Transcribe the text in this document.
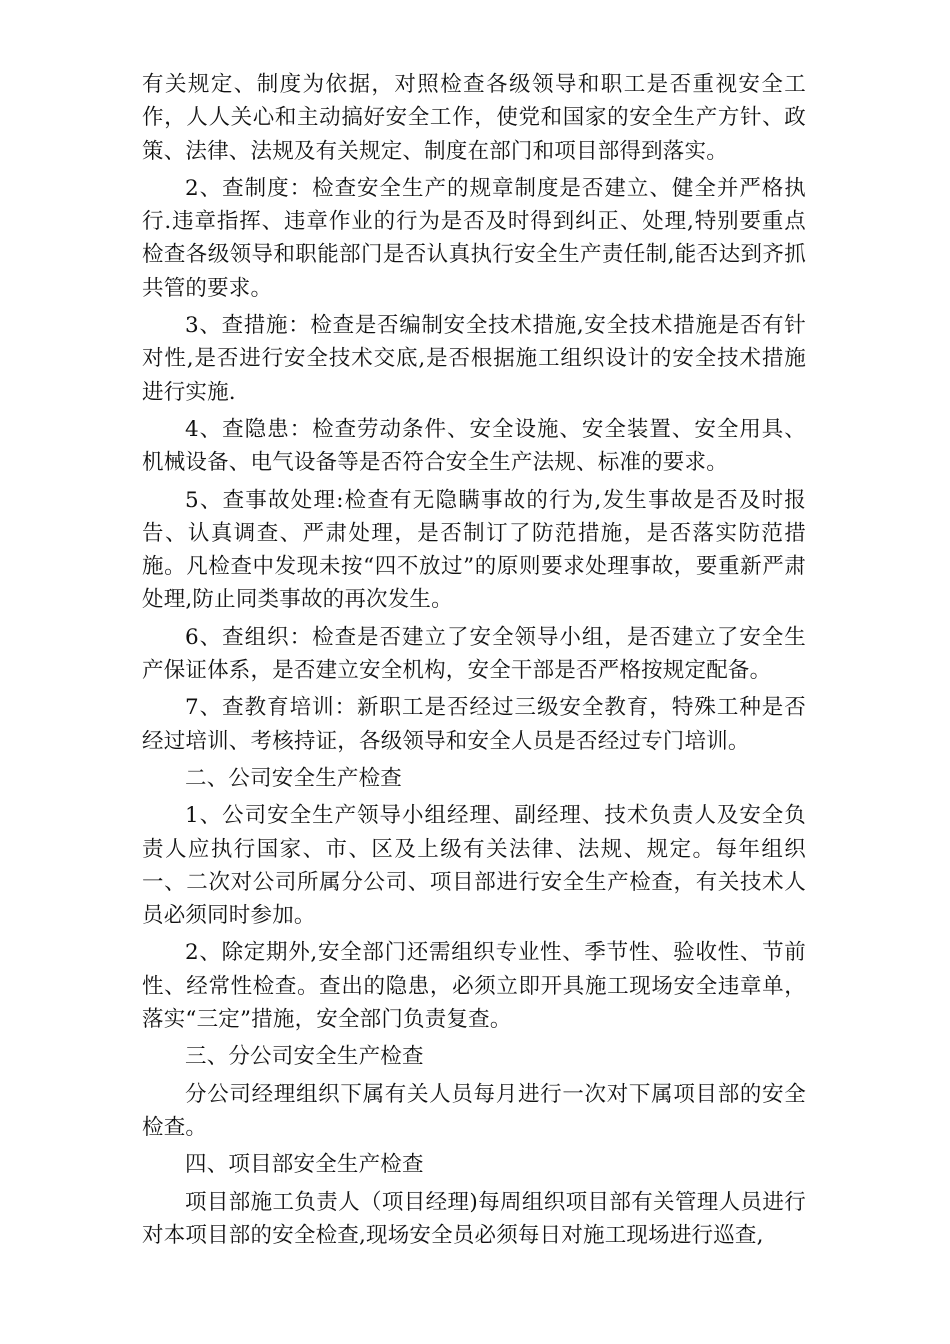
有关规定、制度为依据，对照检查各级领导和职工是否重视安全工作，人人关心和主动搞好安全工作，使党和国家的安全生产方针、政策、法律、法规及有关规定、制度在部门和项目部得到落实。

2、查制度：检查安全生产的规章制度是否建立、健全并严格执行.违章指挥、违章作业的行为是否及时得到纠正、处理,特别要重点检查各级领导和职能部门是否认真执行安全生产责任制,能否达到齐抓共管的要求。

3、查措施：检查是否编制安全技术措施,安全技术措施是否有针对性,是否进行安全技术交底,是否根据施工组织设计的安全技术措施进行实施.

4、查隐患：检查劳动条件、安全设施、安全装置、安全用具、机械设备、电气设备等是否符合安全生产法规、标准的要求。

5、查事故处理:检查有无隐瞒事故的行为,发生事故是否及时报告、认真调查、严肃处理，是否制订了防范措施，是否落实防范措施。凡检查中发现未按“四不放过”的原则要求处理事故，要重新严肃处理,防止同类事故的再次发生。

6、查组织：检查是否建立了安全领导小组，是否建立了安全生产保证体系，是否建立安全机构，安全干部是否严格按规定配备。

7、查教育培训：新职工是否经过三级安全教育，特殊工种是否经过培训、考核持证，各级领导和安全人员是否经过专门培训。

二、公司安全生产检查

1、公司安全生产领导小组经理、副经理、技术负责人及安全负责人应执行国家、市、区及上级有关法律、法规、规定。每年组织一、二次对公司所属分公司、项目部进行安全生产检查，有关技术人员必须同时参加。

2、除定期外,安全部门还需组织专业性、季节性、验收性、节前性、经常性检查。查出的隐患，必须立即开具施工现场安全违章单，落实“三定”措施，安全部门负责复查。

三、分公司安全生产检查

分公司经理组织下属有关人员每月进行一次对下属项目部的安全检查。

四、项目部安全生产检查

项目部施工负责人（项目经理)每周组织项目部有关管理人员进行对本项目部的安全检查,现场安全员必须每日对施工现场进行巡查,
